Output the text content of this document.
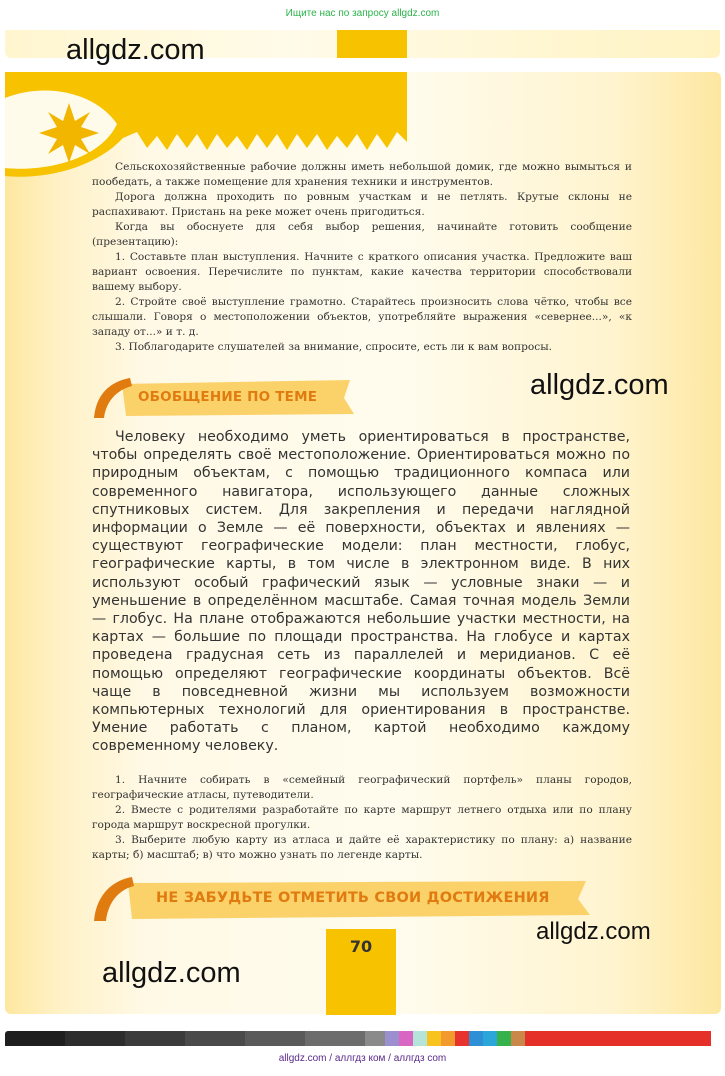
Ищите нас по запросу allgdz.com
allgdz.com

Сельскохозяйственные рабочие должны иметь небольшой домик, где можно вымыться и пообедать, а также помещение для хранения техники и инструментов.

Дорога должна проходить по ровным участкам и не петлять. Крутые склоны не распахивают. Пристань на реке может очень пригодиться.

Когда вы обоснуете для себя выбор решения, начинайте готовить сообщение (презентацию):

1. Составьте план выступления. Начните с краткого описания участка. Предложите ваш вариант освоения. Перечислите по пунктам, какие качества территории способствовали вашему выбору.

2. Стройте своё выступление грамотно. Старайтесь произносить слова чётко, чтобы все слышали. Говоря о местоположении объектов, употребляйте выражения «севернее...», «к западу от...» и т. д.

3. Поблагодарите слушателей за внимание, спросите, есть ли к вам вопросы.

ОБОБЩЕНИЕ ПО ТЕМЕ	allgdz.com

Человеку необходимо уметь ориентироваться в пространстве, чтобы определять своё местоположение. Ориентироваться можно по природным объектам, с помощью традиционного компаса или современного навигатора, использующего данные сложных спутниковых систем. Для закрепления и передачи наглядной информации о Земле — её поверхности, объектах и явлениях — существуют географические модели: план местности, глобус, географические карты, в том числе в электронном виде. В них используют особый графический язык — условные знаки — и уменьшение в определённом масштабе. Самая точная модель Земли — глобус. На плане отображаются небольшие участки местности, на картах — большие по площади пространства. На глобусе и картах проведена градусная сеть из параллелей и меридианов. С её помощью определяют географические координаты объектов. Всё чаще в повседневной жизни мы используем возможности компьютерных технологий для ориентирования в пространстве. Умение работать с планом, картой необходимо каждому современному человеку.

1. Начните собирать в «семейный географический портфель» планы городов, географические атласы, путеводители.

2. Вместе с родителями разработайте по карте маршрут летнего отдыха или по плану города маршрут воскресной прогулки.

3. Выберите любую карту из атласа и дайте её характеристику по плану: а) название карты; б) масштаб; в) что можно узнать по легенде карты.

НЕ ЗАБУДЬТЕ ОТМЕТИТЬ СВОИ ДОСТИЖЕНИЯ
allgdz.com
70
allgdz.com
allgdz.com / аллгдз ком / аллгдз com
